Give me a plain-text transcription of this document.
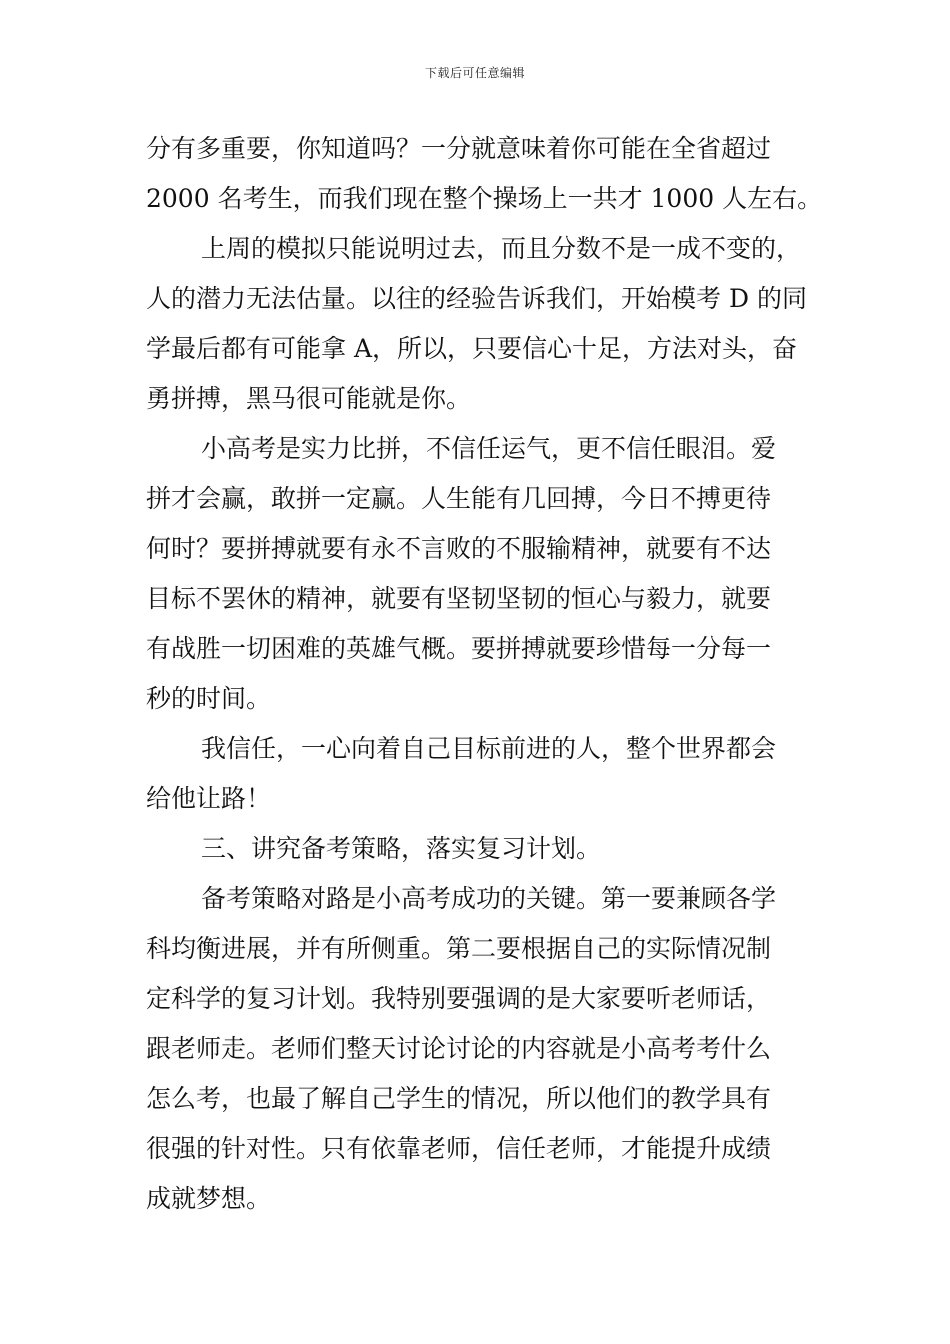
下载后可任意编辑
分有多重要，你知道吗？一分就意味着你可能在全省超过
2000 名考生，而我们现在整个操场上一共才 1000 人左右。
上周的模拟只能说明过去，而且分数不是一成不变的，
人的潜力无法估量。以往的经验告诉我们，开始模考 D 的同
学最后都有可能拿 A，所以，只要信心十足，方法对头，奋
勇拼搏，黑马很可能就是你。
小高考是实力比拼，不信任运气，更不信任眼泪。爱
拼才会赢，敢拼一定赢。人生能有几回搏，今日不搏更待
何时？要拼搏就要有永不言败的不服输精神，就要有不达
目标不罢休的精神，就要有坚韧坚韧的恒心与毅力，就要
有战胜一切困难的英雄气概。要拼搏就要珍惜每一分每一
秒的时间。
我信任，一心向着自己目标前进的人，整个世界都会
给他让路！
三、讲究备考策略，落实复习计划。
备考策略对路是小高考成功的关键。第一要兼顾各学
科均衡进展，并有所侧重。第二要根据自己的实际情况制
定科学的复习计划。我特别要强调的是大家要听老师话，
跟老师走。老师们整天讨论讨论的内容就是小高考考什么
怎么考，也最了解自己学生的情况，所以他们的教学具有
很强的针对性。只有依靠老师，信任老师，才能提升成绩
成就梦想。
